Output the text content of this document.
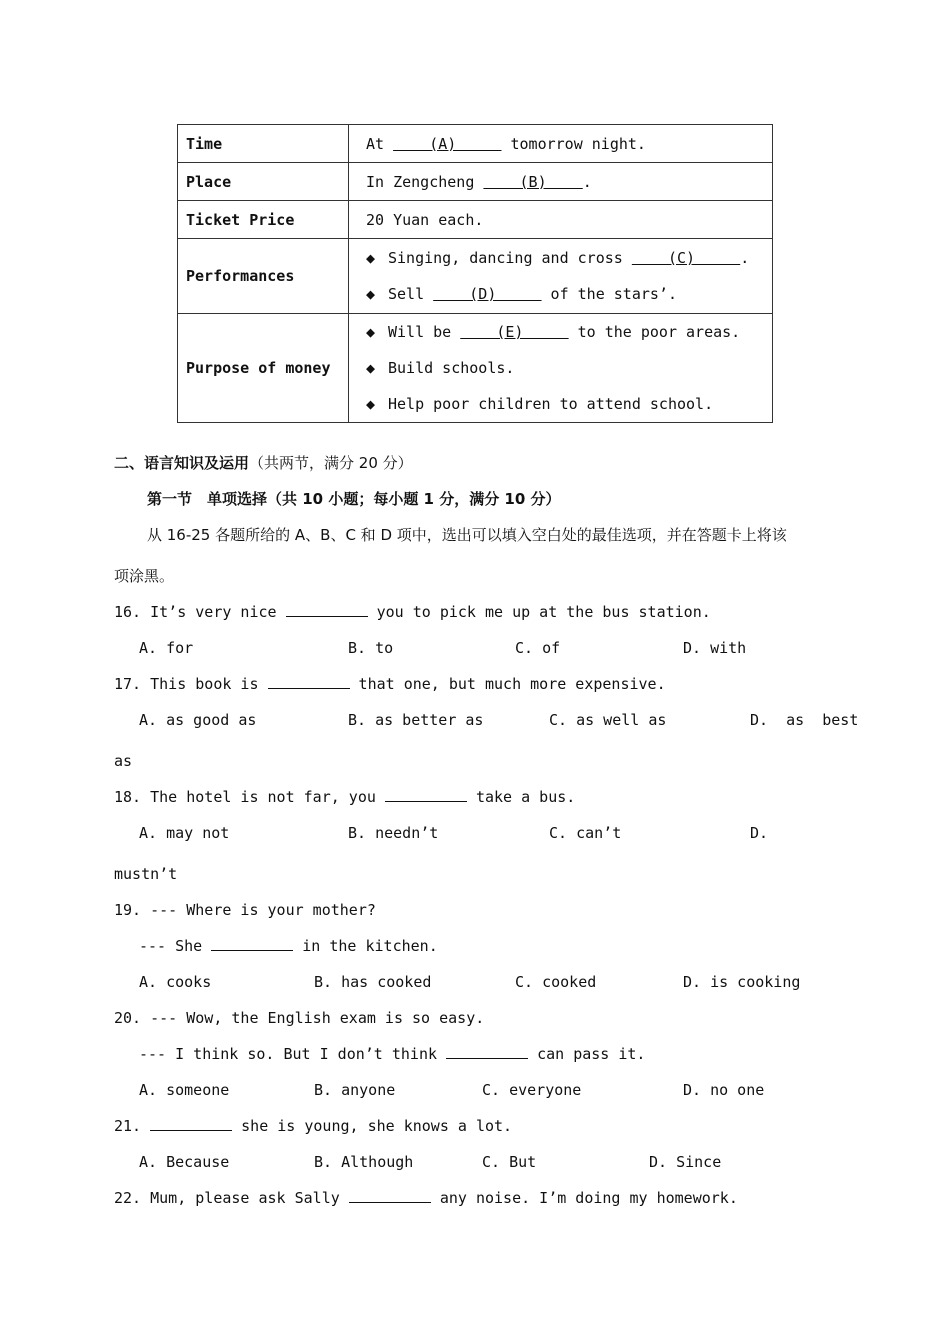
Time	At     (A)      tomorrow night.
Place	In Zengcheng     (B)    .
Ticket Price	20 Yuan each.
Performances	◆ Singing, dancing and cross     (C)     .
◆ Sell     (D)      of the stars’.

Purpose of money	◆ Will be     (E)      to the poor areas.
◆ Build schools.
◆ Help poor children to attend school.
二、语言知识及运用（共两节，满分 20 分）
第一节　单项选择（共 10 小题；每小题 1 分，满分 10 分）
从 16-25 各题所给的 A、B、C 和 D 项中，选出可以填入空白处的最佳选项，并在答题卡上将该
项涂黑。
16. It’s very nice	you to pick me up at the bus station.
A. for	B. to	C. of	D. with
17. This book is	that one, but much more expensive.
A. as good as	B. as better as	C. as well as	D.  as  best
as
18. The hotel is not far, you	take a bus.
A. may not	B. needn’t	C. can’t	D.
mustn’t
19. --- Where is your mother?
--- She	in the kitchen.
A. cooks	B. has cooked	C. cooked	D. is cooking
20. --- Wow, the English exam is so easy.
--- I think so. But I don’t think	can pass it.
A. someone	B. anyone	C. everyone	D. no one
21.	she is young, she knows a lot.
A. Because	B. Although	C. But	D. Since
22. Mum, please ask Sally	any noise. I’m doing my homework.
